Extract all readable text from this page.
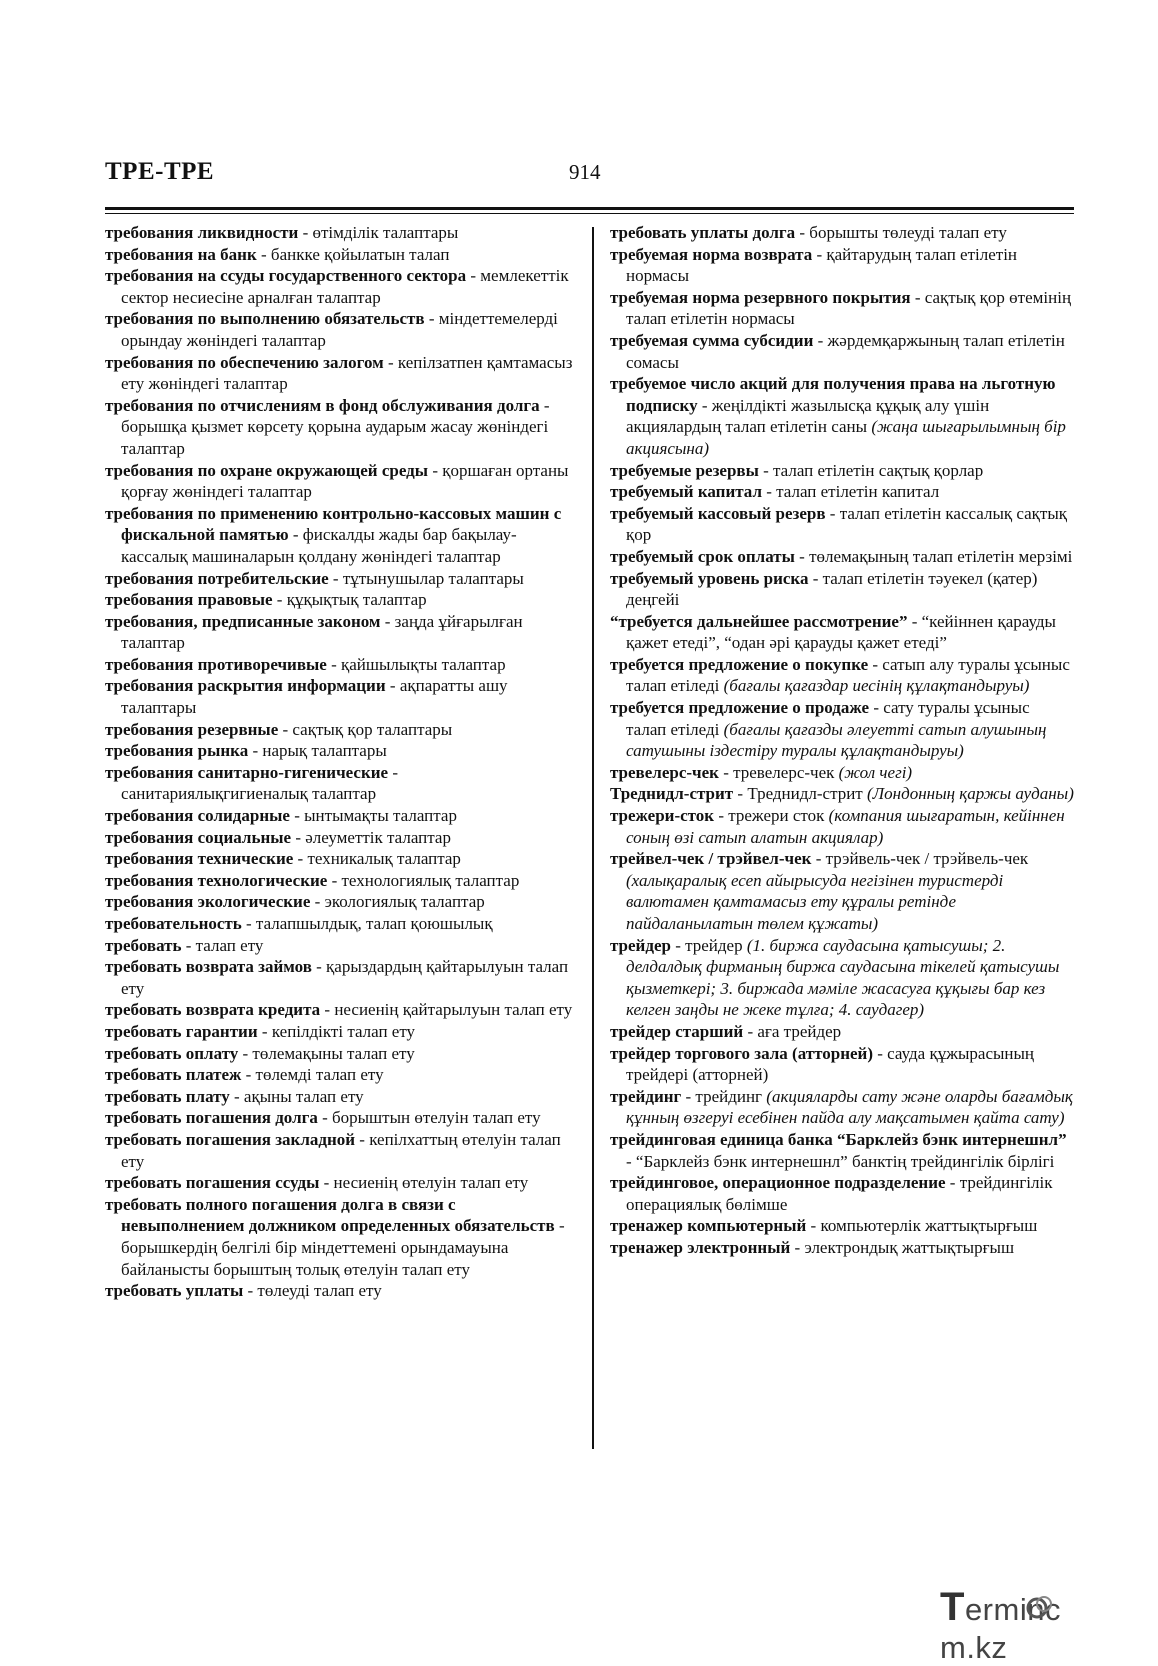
ТРЕ-ТРЕ	914
требования ликвидности - өтімділік талаптары
требования на банк - банкке қойылатын талап
требования на ссуды государственного сектора - мемлекеттік сектор несиесіне арналған талаптар
требования по выполнению обязательств - міндеттемелерді орындау жөніндегі талаптар
требования по обеспечению залогом - кепілзатпен қамтамасыз ету жөніндегі талаптар
требования по отчислениям в фонд обслуживания долга - борышқа қызмет көрсету қорына аударым жасау жөніндегі талаптар
требования по охране окружающей среды - қоршаған ортаны қорғау жөніндегі талаптар
требования по применению контрольно-кассовых машин с фискальной памятью - фискалды жады бар бақылау-кассалық машиналарын қолдану жөніндегі талаптар
требования потребительские - тұтынушылар талаптары
требования правовые - құқықтық талаптар
требования, предписанные законом - заңда ұйғарылған талаптар
требования противоречивые - қайшылықты талаптар
требования раскрытия информации - ақпаратты ашу талаптары
требования резервные - сақтық қор талаптары
требования рынка - нарық талаптары
требования санитарно-гигенические - санитариялықгигиеналық талаптар
требования солидарные - ынтымақты талаптар
требования социальные - әлеуметтік талаптар
требования технические - техникалық талаптар
требования технологические - технологиялық талаптар
требования экологические - экологиялық талаптар
требовательность - талапшылдық, талап қоюшылық
требовать - талап ету
требовать возврата займов - қарыздардың қайтарылуын талап ету
требовать возврата кредита - несиенің қайтарылуын талап ету
требовать гарантии - кепілдікті талап ету
требовать оплату - төлемақыны талап ету
требовать платеж - төлемді талап ету
требовать плату - ақыны талап ету
требовать погашения долга - борыштын өтелуін талап ету
требовать погашения закладной - кепілхаттың өтелуін талап ету
требовать погашения ссуды - несиенің өтелуін талап ету
требовать полного погашения долга в связи с невыполнением должником определенных обязательств - борышкердің белгілі бір міндеттемені орындамауына байланысты борыштың толық өтелуін талап ету
требовать уплаты - төлеуді талап ету
требовать уплаты долга - борышты төлеуді талап ету
требуемая норма возврата - қайтарудың талап етілетін нормасы
требуемая норма резервного покрытия - сақтық қор өтемінің талап етілетін нормасы
требуемая сумма субсидии - жәрдемқаржының талап етілетін сомасы
требуемое число акций для получения права на льготную подписку - жеңілдікті жазылысқа құқық алу үшін акциялардың талап етілетін саны (жаңа шығарылымның бір акциясына)
требуемые резервы - талап етілетін сақтық қорлар
требуемый капитал - талап етілетін капитал
требуемый кассовый резерв - талап етілетін кассалық сақтық қор
требуемый срок оплаты - төлемақының талап етілетін мерзімі
требуемый уровень риска - талап етілетін тәуекел (қатер) деңгейі
“требуется дальнейшее рассмотрение” - “кейіннен қарауды қажет етеді”, “одан әрі қарауды қажет етеді”
требуется предложение о покупке - сатып алу туралы ұсыныс талап етіледі (бағалы қағаздар иесінің құлақтандыруы)
требуется предложение о продаже - сату туралы ұсыныс талап етіледі (бағалы қағазды әлеуетті сатып алушының сатушыны іздестіру туралы құлақтандыруы)
тревелерс-чек - тревелерс-чек (жол чегі)
Треднидл-стрит - Треднидл-стрит (Лондонның қаржы ауданы)
трежери-сток - трежери сток (компания шығаратын, кейіннен соның өзі сатып алатын акциялар)
трейвел-чек / трэйвел-чек - трэйвель-чек / трэйвель-чек (халықаралық есеп айырысуда негізінен туристерді валютамен қамтамасыз ету құралы ретінде пайдаланылатын төлем құжаты)
трейдер - трейдер (1. биржа саудасына қатысушы; 2. делдалдық фирманың биржа саудасына тікелей қатысушы қызметкері; 3. биржада мәміле жасасуға құқығы бар кез келген заңды не жеке тұлға; 4. саудагер)
трейдер старший - аға трейдер
трейдер торгового зала (атторней) - сауда құжырасының трейдері (атторней)
трейдинг - трейдинг (акцияларды сату және оларды бағамдық құнның өзгеруі есебінен пайда алу мақсатымен қайта сату)
трейдинговая единица банка “Барклейз бэнк интернешнл” - “Барклейз бэнк интернешнл” банктің трейдингілік бірлігі
трейдинговое, операционное подразделение - трейдингілік операциялық бөлімше
тренажер компьютерный - компьютерлік жаттықтырғыш
тренажер электронный - электрондық жаттықтырғыш
Termincm.kz
